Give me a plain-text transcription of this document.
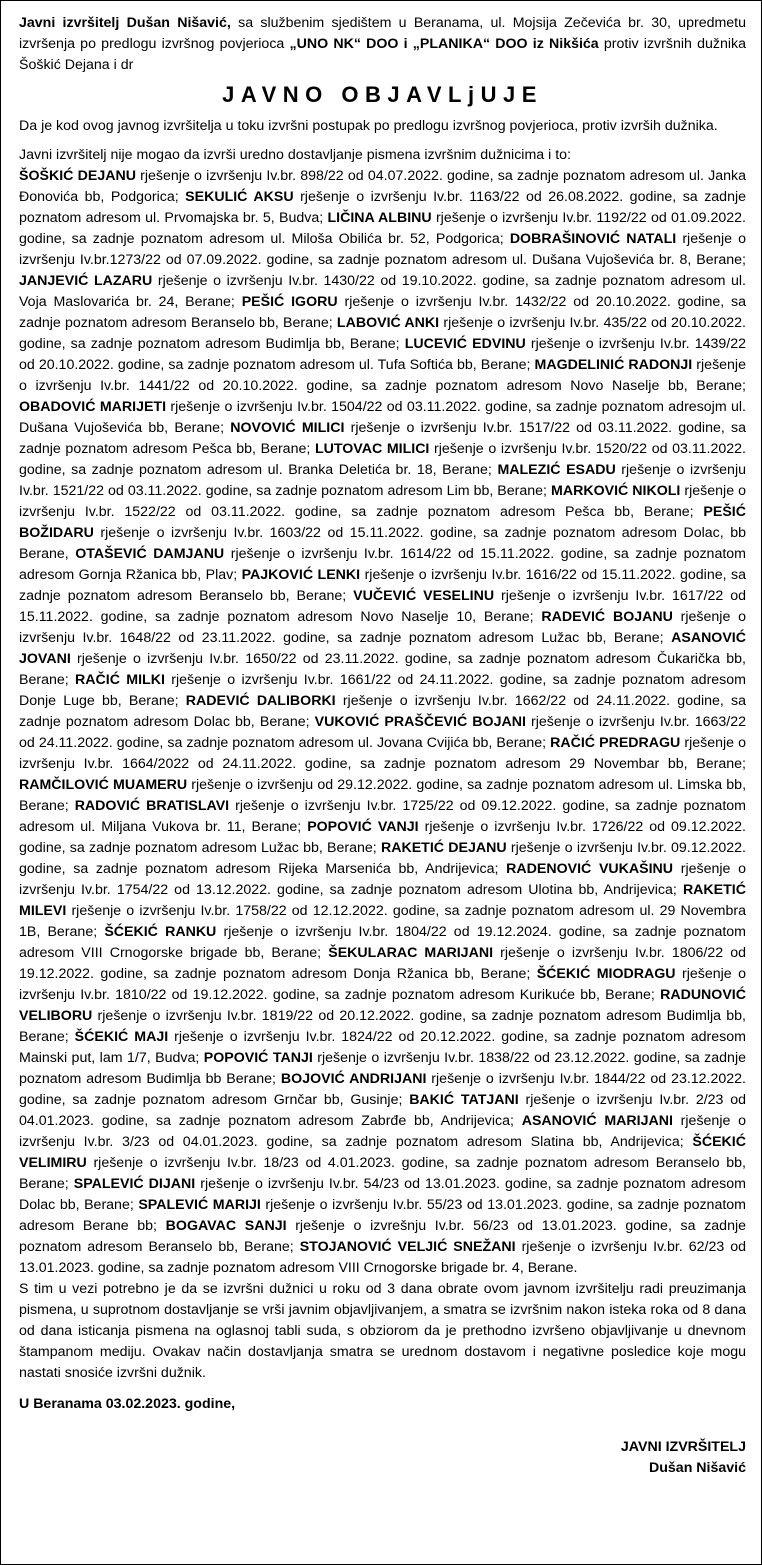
Javni izvršitelj Dušan Nišavić, sa službenim sjedištem u Beranama, ul. Mojsija Zečevića br. 30, upredmetu izvršenja po predlogu izvršnog povjerioca „UNO NK“ DOO i „PLANIKA“ DOO iz Nikšića protiv izvršnih dužnika Šoškić Dejana i dr

JAVNO OBJAVLjUJE

Da je kod ovog javnog izvršitelja u toku izvršni postupak po predlogu izvršnog povjerioca, protiv izvrših dužnika.

Javni izvršitelj nije mogao da izvrši uredno dostavljanje pismena izvršnim dužnicima i to:

ŠOŠKIĆ DEJANU rješenje o izvršenju Iv.br. 898/22 od 04.07.2022. godine, sa zadnje poznatom adresom ul. Janka Đonovića bb, Podgorica; SEKULIĆ AKSU rješenje o izvršenju Iv.br. 1163/22 od 26.08.2022. godine, sa zadnje poznatom adresom ul. Prvomajska br. 5, Budva; LIČINA ALBINU rješenje o izvršenju Iv.br. 1192/22 od 01.09.2022. godine, sa zadnje poznatom adresom ul. Miloša Obilića br. 52, Podgorica; DOBRAŠINOVIĆ NATALI rješenje o izvršenju Iv.br.1273/22 od 07.09.2022. godine, sa zadnje poznatom adresom ul. Dušana Vujoševića br. 8, Berane; JANJEVIĆ LAZARU rješenje o izvršenju Iv.br. 1430/22 od 19.10.2022. godine, sa zadnje poznatom adresom ul. Voja Maslovarića br. 24, Berane; PEŠIĆ IGORU rješenje o izvršenju Iv.br. 1432/22 od 20.10.2022. godine, sa zadnje poznatom adresom Beranselo bb, Berane; LABOVIĆ ANKI rješenje o izvršenju Iv.br. 435/22 od 20.10.2022. godine, sa zadnje poznatom adresom Budimlja bb, Berane; LUCEVIĆ EDVINU rješenje o izvršenju Iv.br. 1439/22 od 20.10.2022. godine, sa zadnje poznatom adresom ul. Tufa Softića bb, Berane; MAGDELINIĆ RADONJI rješenje o izvršenju Iv.br. 1441/22 od 20.10.2022. godine, sa zadnje poznatom adresom Novo Naselje bb, Berane; OBADOVIĆ MARIJETI rješenje o izvršenju Iv.br. 1504/22 od 03.11.2022. godine, sa zadnje poznatom adresojm ul. Dušana Vujoševića bb, Berane; NOVOVIĆ MILICI rješenje o izvršenju Iv.br. 1517/22 od 03.11.2022. godine, sa zadnje poznatom adresom Pešca bb, Berane; LUTOVAC MILICI rješenje o izvršenju Iv.br. 1520/22 od 03.11.2022. godine, sa zadnje poznatom adresom ul. Branka Deletića br. 18, Berane; MALEZIĆ ESADU rješenje o izvršenju Iv.br. 1521/22 od 03.11.2022. godine, sa zadnje poznatom adresom Lim bb, Berane; MARKOVIĆ NIKOLI rješenje o izvršenju Iv.br. 1522/22 od 03.11.2022. godine, sa zadnje poznatom adresom Pešca bb, Berane; PEŠIĆ BOŽIDARU rješenje o izvršenju Iv.br. 1603/22 od 15.11.2022. godine, sa zadnje poznatom adresom Dolac, bb Berane, OTAŠEVIĆ DAMJANU rješenje o izvršenju Iv.br. 1614/22 od 15.11.2022. godine, sa zadnje poznatom adresom Gornja Ržanica bb, Plav; PAJKOVIĆ LENKI rješenje o izvršenju Iv.br. 1616/22 od 15.11.2022. godine, sa zadnje poznatom adresom Beranselo bb, Berane; VUČEVIĆ VESELINU rješenje o izvršenju Iv.br. 1617/22 od 15.11.2022. godine, sa zadnje poznatom adresom Novo Naselje 10, Berane; RADEVIĆ BOJANU rješenje o izvršenju Iv.br. 1648/22 od 23.11.2022. godine, sa zadnje poznatom adresom Lužac bb, Berane; ASANOVIĆ JOVANI rješenje o izvršenju Iv.br. 1650/22 od 23.11.2022. godine, sa zadnje poznatom adresom Čukarička bb, Berane; RAČIĆ MILKI rješenje o izvršenju Iv.br. 1661/22 od 24.11.2022. godine, sa zadnje poznatom adresom Donje Luge bb, Berane; RADEVIĆ DALIBORKI rješenje o izvršenju Iv.br. 1662/22 od 24.11.2022. godine, sa zadnje poznatom adresom Dolac bb, Berane; VUKOVIĆ PRAŠČEVIĆ BOJANI rješenje o izvršenju Iv.br. 1663/22 od 24.11.2022. godine, sa zadnje poznatom adresom ul. Jovana Cvijića bb, Berane; RAČIĆ PREDRAGU rješenje o izvršenju Iv.br. 1664/2022 od 24.11.2022. godine, sa zadnje poznatom adresom 29 Novembar bb, Berane; RAMČILOVIĆ MUAMERU rješenje o izvršenju od 29.12.2022. godine, sa zadnje poznatom adresom ul. Limska bb, Berane; RADOVIĆ BRATISLAVI rješenje o izvršenju Iv.br. 1725/22 od 09.12.2022. godine, sa zadnje poznatom adresom ul. Miljana Vukova br. 11, Berane; POPOVIĆ VANJI rješenje o izvršenju Iv.br. 1726/22 od 09.12.2022. godine, sa zadnje poznatom adresom Lužac bb, Berane; RAKETIĆ DEJANU rješenje o izvršenju Iv.br. 09.12.2022. godine, sa zadnje poznatom adresom Rijeka Marsenića bb, Andrijevica; RADENOVIĆ VUKAŠINU rješenje o izvršenju Iv.br. 1754/22 od 13.12.2022. godine, sa zadnje poznatom adresom Ulotina bb, Andrijevica; RAKETIĆ MILEVI rješenje o izvršenju Iv.br. 1758/22 od 12.12.2022. godine, sa zadnje poznatom adresom ul. 29 Novembra 1B, Berane; ŠĆEKIĆ RANKU rješenje o izvršenju Iv.br. 1804/22 od 19.12.2024. godine, sa zadnje poznatom adresom VIII Crnogorske brigade bb, Berane; ŠEKULARAC MARIJANI rješenje o izvršenju Iv.br. 1806/22 od 19.12.2022. godine, sa zadnje poznatom adresom Donja Ržanica bb, Berane; ŠĆEKIĆ MIODRAGU rješenje o izvršenju Iv.br. 1810/22 od 19.12.2022. godine, sa zadnje poznatom adresom Kurikuće bb, Berane; RADUNOVIĆ VELIBORU rješenje o izvršenju Iv.br. 1819/22 od 20.12.2022. godine, sa zadnje poznatom adresom Budimlja bb, Berane; ŠĆEKIĆ MAJI rješenje o izvršenju Iv.br. 1824/22 od 20.12.2022. godine, sa zadnje poznatom adresom Mainski put, lam 1/7, Budva; POPOVIĆ TANJI rješenje o izvršenju Iv.br. 1838/22 od 23.12.2022. godine, sa zadnje poznatom adresom Budimlja bb Berane; BOJOVIĆ ANDRIJANI rješenje o izvršenju Iv.br. 1844/22 od 23.12.2022. godine, sa zadnje poznatom adresom Grnčar bb, Gusinje; BAKIĆ TATJANI rješenje o izvršenju Iv.br. 2/23 od 04.01.2023. godine, sa zadnje poznatom adresom Zabrđe bb, Andrijevica; ASANOVIĆ MARIJANI rješenje o izvršenju Iv.br. 3/23 od 04.01.2023. godine, sa zadnje poznatom adresom Slatina bb, Andrijevica; ŠĆEKIĆ VELIMIRU rješenje o izvršenju Iv.br. 18/23 od 4.01.2023. godine, sa zadnje poznatom adresom Beranselo bb, Berane; SPALEVIĆ DIJANI rješenje o izvršenju Iv.br. 54/23 od 13.01.2023. godine, sa zadnje poznatom adresom Dolac bb, Berane; SPALEVIĆ MARIJI rješenje o izvršenju Iv.br. 55/23 od 13.01.2023. godine, sa zadnje poznatom adresom Berane bb; BOGAVAC SANJI rješenje o izvrešnju Iv.br. 56/23 od 13.01.2023. godine, sa zadnje poznatom adresom Beranselo bb, Berane; STOJANOVIĆ VELJIĆ SNEŽANI rješenje o izvršenju Iv.br. 62/23 od 13.01.2023. godine, sa zadnje poznatom adresom VIII Crnogorske brigade br. 4, Berane.

S tim u vezi potrebno je da se izvršni dužnici u roku od 3 dana obrate ovom javnom izvršitelju radi preuzimanja pismena, u suprotnom dostavljanje se vrši javnim objavljivanjem, a smatra se izvršnim nakon isteka roka od 8 dana od dana isticanja pismena na oglasnoj tabli suda, s obziorom da je prethodno izvršeno objavljivanje u dnevnom štampanom mediju. Ovakav način dostavljanja smatra se urednom dostavom i negativne posledice koje mogu nastati snosiće izvršni dužnik.

U Beranama 03.02.2023. godine,

JAVNI IZVRŠITELJ
Dušan Nišavić
